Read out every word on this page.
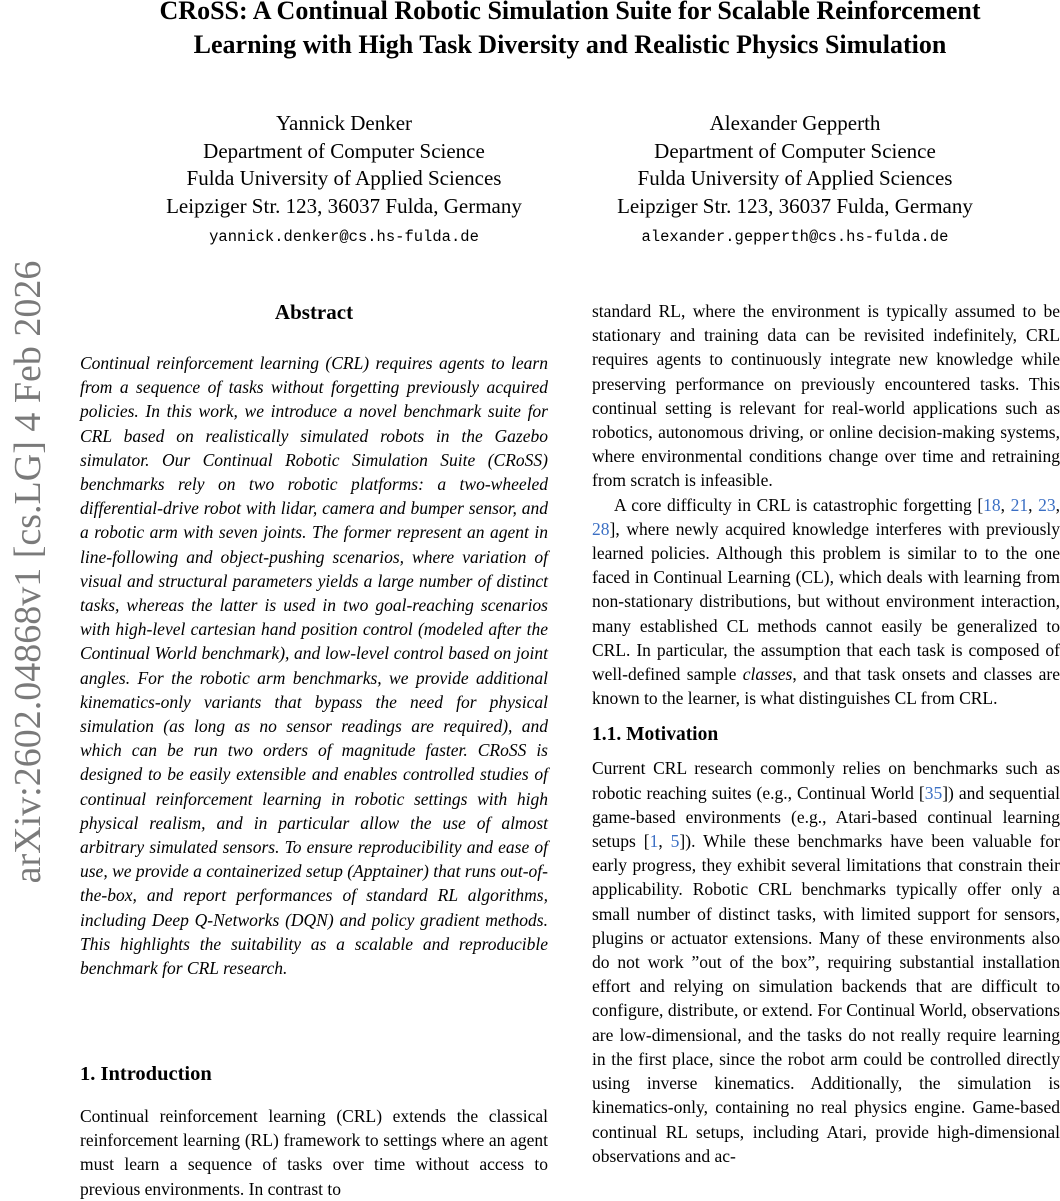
arXiv:2602.04868v1 [cs.LG] 4 Feb 2026
CRoSS: A Continual Robotic Simulation Suite for Scalable Reinforcement
Learning with High Task Diversity and Realistic Physics Simulation
Yannick Denker
Department of Computer Science
Fulda University of Applied Sciences
Leipziger Str. 123, 36037 Fulda, Germany
yannick.denker@cs.hs-fulda.de
Alexander Gepperth
Department of Computer Science
Fulda University of Applied Sciences
Leipziger Str. 123, 36037 Fulda, Germany
alexander.gepperth@cs.hs-fulda.de
Abstract

Continual reinforcement learning (CRL) requires agents to learn from a sequence of tasks without forgetting previously acquired policies. In this work, we introduce a novel benchmark suite for CRL based on realistically simulated robots in the Gazebo simulator. Our Continual Robotic Simulation Suite (CRoSS) benchmarks rely on two robotic platforms: a two-wheeled differential-drive robot with lidar, camera and bumper sensor, and a robotic arm with seven joints. The former represent an agent in line-following and object-pushing scenarios, where variation of visual and structural parameters yields a large number of distinct tasks, whereas the latter is used in two goal-reaching scenarios with high-level cartesian hand position control (modeled after the Continual World benchmark), and low-level control based on joint angles. For the robotic arm benchmarks, we provide additional kinematics-only variants that bypass the need for physical simulation (as long as no sensor readings are required), and which can be run two orders of magnitude faster. CRoSS is designed to be easily extensible and enables controlled studies of continual reinforcement learning in robotic settings with high physical realism, and in particular allow the use of almost arbitrary simulated sensors. To ensure reproducibility and ease of use, we provide a containerized setup (Apptainer) that runs out-of-the-box, and report performances of standard RL algorithms, including Deep Q-Networks (DQN) and policy gradient methods. This highlights the suitability as a scalable and reproducible benchmark for CRL research.

1. Introduction

Continual reinforcement learning (CRL) extends the classical reinforcement learning (RL) framework to settings where an agent must learn a sequence of tasks over time without access to previous environments. In contrast to

standard RL, where the environment is typically assumed to be stationary and training data can be revisited indefinitely, CRL requires agents to continuously integrate new knowledge while preserving performance on previously encountered tasks. This continual setting is relevant for real-world applications such as robotics, autonomous driving, or online decision-making systems, where environmental conditions change over time and retraining from scratch is infeasible.

A core difficulty in CRL is catastrophic forgetting [18, 21, 23, 28], where newly acquired knowledge interferes with previously learned policies. Although this problem is similar to to the one faced in Continual Learning (CL), which deals with learning from non-stationary distributions, but without environment interaction, many established CL methods cannot easily be generalized to CRL. In particular, the assumption that each task is composed of well-defined sample classes, and that task onsets and classes are known to the learner, is what distinguishes CL from CRL.

1.1. Motivation

Current CRL research commonly relies on benchmarks such as robotic reaching suites (e.g., Continual World [35]) and sequential game-based environments (e.g., Atari-based continual learning setups [1, 5]). While these benchmarks have been valuable for early progress, they exhibit several limitations that constrain their applicability. Robotic CRL benchmarks typically offer only a small number of distinct tasks, with limited support for sensors, plugins or actuator extensions. Many of these environments also do not work ”out of the box”, requiring substantial installation effort and relying on simulation backends that are difficult to configure, distribute, or extend. For Continual World, observations are low-dimensional, and the tasks do not really require learning in the first place, since the robot arm could be controlled directly using inverse kinematics. Additionally, the simulation is kinematics-only, containing no real physics engine. Game-based continual RL setups, including Atari, provide high-dimensional observations and ac-
